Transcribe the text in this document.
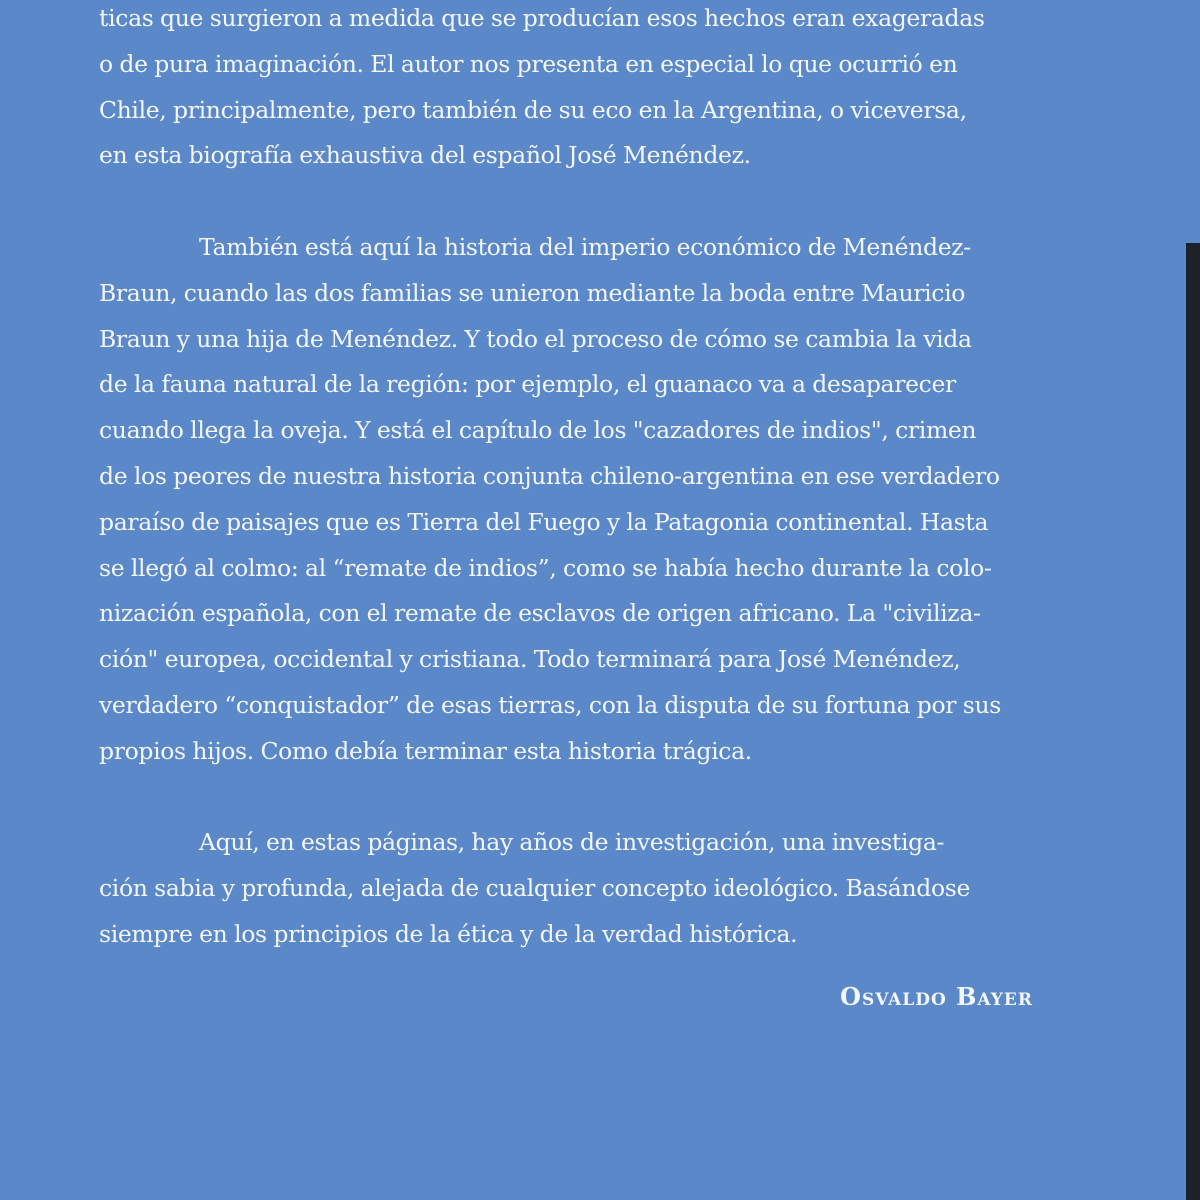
ticas que surgieron a medida que se producían esos hechos eran exageradas
o de pura imaginación. El autor nos presenta en especial lo que ocurrió en
Chile, principalmente, pero también de su eco en la Argentina, o viceversa,
en esta biografía exhaustiva del español José Menéndez.

También está aquí la historia del imperio económico de Menéndez-
Braun, cuando las dos familias se unieron mediante la boda entre Mauricio
Braun y una hija de Menéndez. Y todo el proceso de cómo se cambia la vida
de la fauna natural de la región: por ejemplo, el guanaco va a desaparecer
cuando llega la oveja. Y está el capítulo de los "cazadores de indios", crimen
de los peores de nuestra historia conjunta chileno-argentina en ese verdadero
paraíso de paisajes que es Tierra del Fuego y la Patagonia continental. Hasta
se llegó al colmo: al “remate de indios”, como se había hecho durante la colo-
nización española, con el remate de esclavos de origen africano. La "civiliza-
ción" europea, occidental y cristiana. Todo terminará para José Menéndez,
verdadero “conquistador” de esas tierras, con la disputa de su fortuna por sus
propios hijos. Como debía terminar esta historia trágica.

Aquí, en estas páginas, hay años de investigación, una investiga-
ción sabia y profunda, alejada de cualquier concepto ideológico. Basándose
siempre en los principios de la ética y de la verdad histórica.

Osvaldo Bayer
